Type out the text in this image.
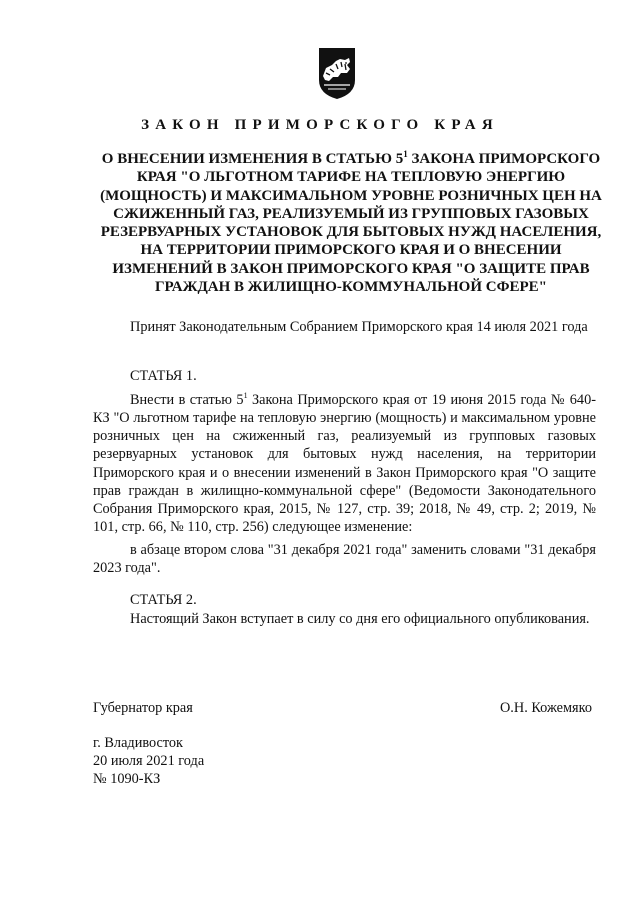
ЗАКОН ПРИМОРСКОГО КРАЯ
О ВНЕСЕНИИ ИЗМЕНЕНИЯ В СТАТЬЮ $5^1$ ЗАКОНА ПРИМОРСКОГО КРАЯ "О ЛЬГОТНОМ ТАРИФЕ НА ТЕПЛОВУЮ ЭНЕРГИЮ (МОЩНОСТЬ) И МАКСИМАЛЬНОМ УРОВНЕ РОЗНИЧНЫХ ЦЕН НА СЖИЖЕННЫЙ ГАЗ, РЕАЛИЗУЕМЫЙ ИЗ ГРУППОВЫХ ГАЗОВЫХ РЕЗЕРВУАРНЫХ УСТАНОВОК ДЛЯ БЫТОВЫХ НУЖД НАСЕЛЕНИЯ, НА ТЕРРИТОРИИ ПРИМОРСКОГО КРАЯ И О ВНЕСЕНИИ ИЗМЕНЕНИЙ В ЗАКОН ПРИМОРСКОГО КРАЯ "О ЗАЩИТЕ ПРАВ ГРАЖДАН В ЖИЛИЩНО-КОММУНАЛЬНОЙ СФЕРЕ"
Принят Законодательным Собранием Приморского края 14 июля 2021 года
СТАТЬЯ 1.
Внести в статью $5^1$ Закона Приморского края от 19 июня 2015 года № 640-КЗ "О льготном тарифе на тепловую энергию (мощность) и максимальном уровне розничных цен на сжиженный газ, реализуемый из групповых газовых резервуарных установок для бытовых нужд населения, на территории Приморского края и о внесении изменений в Закон Приморского края "О защите прав граждан в жилищно-коммунальной сфере" (Ведомости Законодательного Собрания Приморского края, 2015, № 127, стр. 39; 2018, № 49, стр. 2; 2019, № 101, стр. 66, № 110, стр. 256) следующее изменение:
в абзаце втором слова "31 декабря 2021 года" заменить словами "31 декабря 2023 года".
СТАТЬЯ 2.
Настоящий Закон вступает в силу со дня его официального опубликования.
Губернатор края	О.Н. Кожемяко
г. Владивосток
20 июля 2021 года
№ 1090-КЗ
